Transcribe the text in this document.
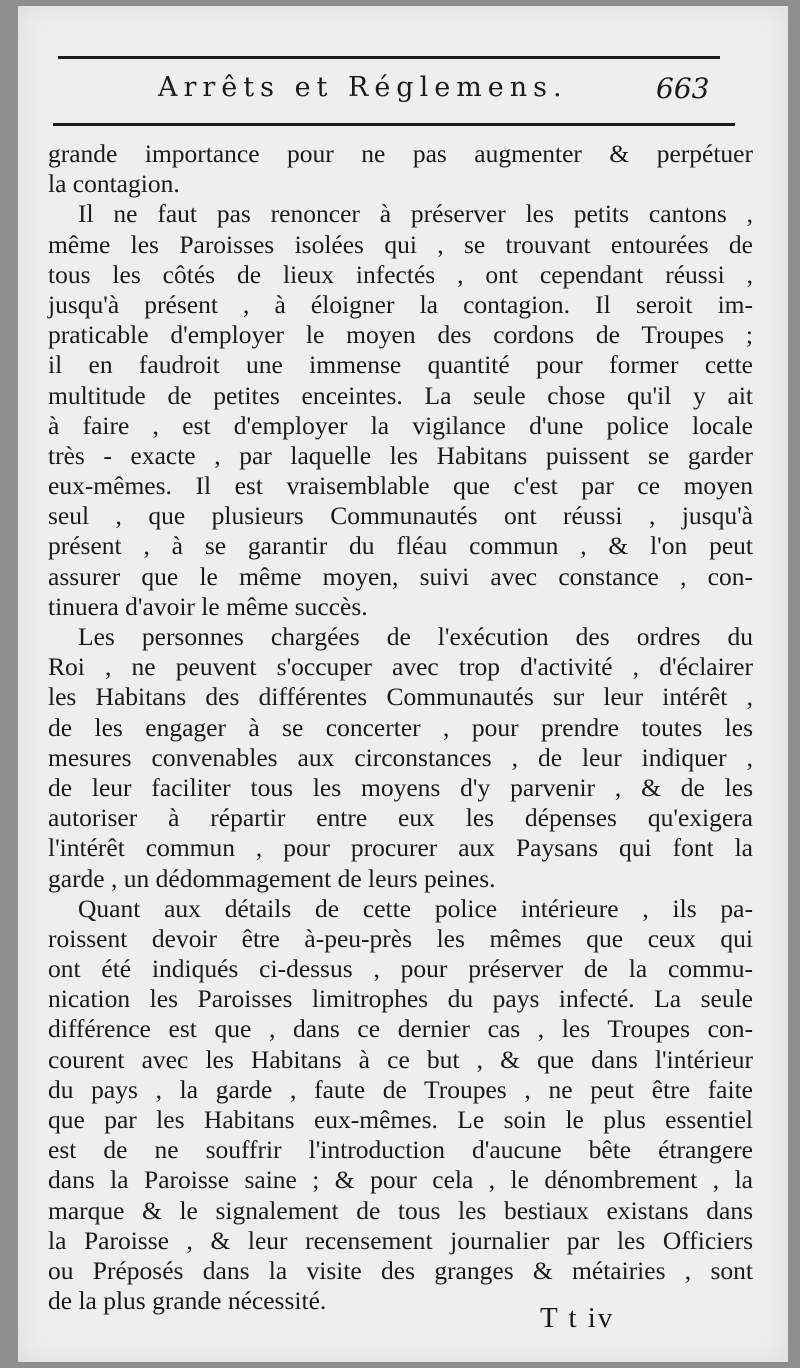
Arrêts et Réglemens.	663
grande importance pour ne pas augmenter & perpétuer
la contagion.
Il ne faut pas renoncer à préserver les petits cantons ,
même les Paroisses isolées qui , se trouvant entourées de
tous les côtés de lieux infectés , ont cependant réussi ,
jusqu'à présent , à éloigner la contagion. Il seroit im-
praticable d'employer le moyen des cordons de Troupes ;
il en faudroit une immense quantité pour former cette
multitude de petites enceintes. La seule chose qu'il y ait
à faire , est d'employer la vigilance d'une police locale
très - exacte , par laquelle les Habitans puissent se garder
eux-mêmes. Il est vraisemblable que c'est par ce moyen
seul , que plusieurs Communautés ont réussi , jusqu'à
présent , à se garantir du fléau commun , & l'on peut
assurer que le même moyen, suivi avec constance , con-
tinuera d'avoir le même succès.
Les personnes chargées de l'exécution des ordres du
Roi , ne peuvent s'occuper avec trop d'activité , d'éclairer
les Habitans des différentes Communautés sur leur intérêt ,
de les engager à se concerter , pour prendre toutes les
mesures convenables aux circonstances , de leur indiquer ,
de leur faciliter tous les moyens d'y parvenir , & de les
autoriser à répartir entre eux les dépenses qu'exigera
l'intérêt commun , pour procurer aux Paysans qui font la
garde , un dédommagement de leurs peines.
Quant aux détails de cette police intérieure , ils pa-
roissent devoir être à-peu-près les mêmes que ceux qui
ont été indiqués ci-dessus , pour préserver de la commu-
nication les Paroisses limitrophes du pays infecté. La seule
différence est que , dans ce dernier cas , les Troupes con-
courent avec les Habitans à ce but , & que dans l'intérieur
du pays , la garde , faute de Troupes , ne peut être faite
que par les Habitans eux-mêmes. Le soin le plus essentiel
est de ne souffrir l'introduction d'aucune bête étrangere
dans la Paroisse saine ; & pour cela , le dénombrement , la
marque & le signalement de tous les bestiaux existans dans
la Paroisse , & leur recensement journalier par les Officiers
ou Préposés dans la visite des granges & métairies , sont
de la plus grande nécessité.
T t iv
